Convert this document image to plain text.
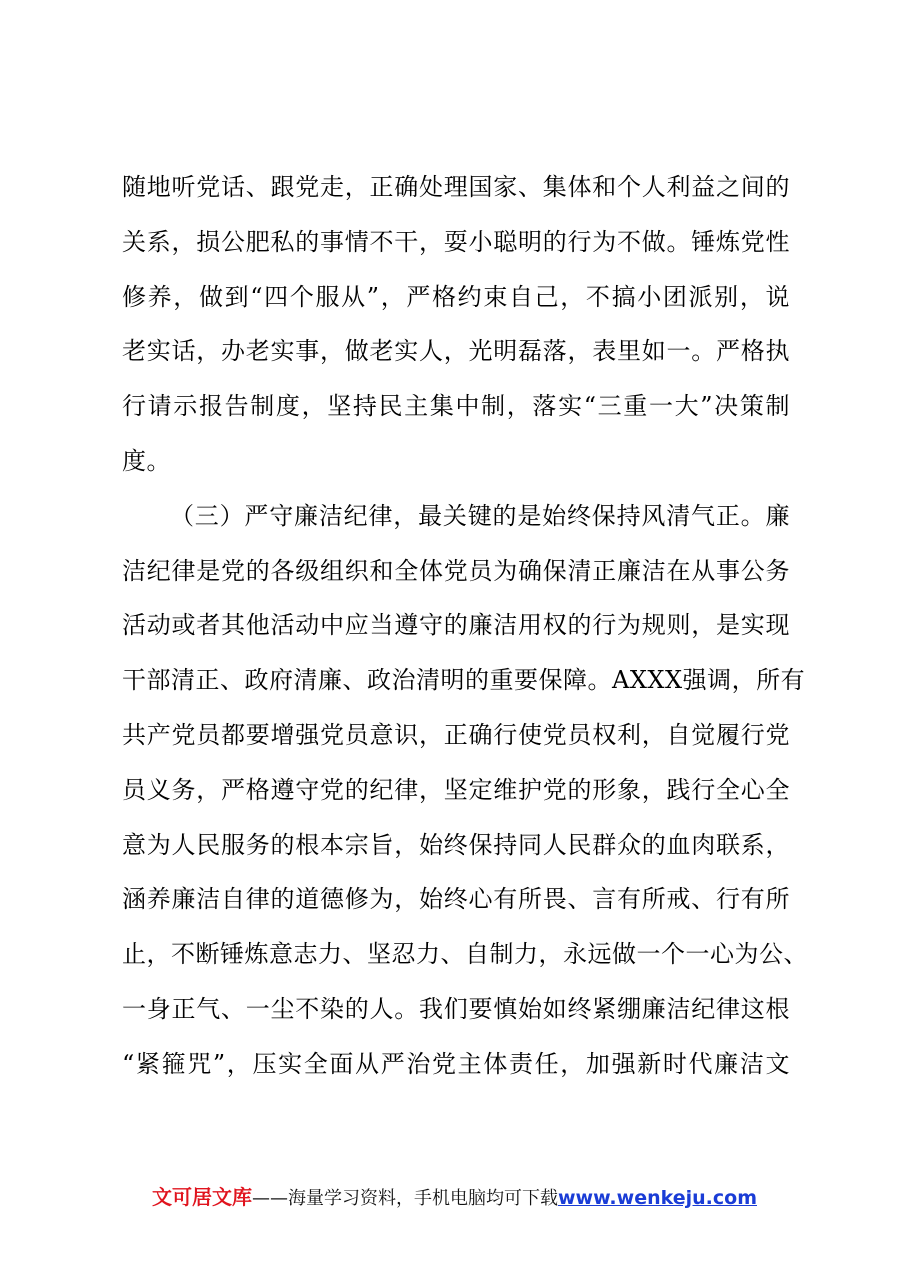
随地听党话、跟党走，正确处理国家、集体和个人利益之间的
关系，损公肥私的事情不干，耍小聪明的行为不做。锤炼党性
修养，做到“四个服从”，严格约束自己，不搞小团派别，说
老实话，办老实事，做老实人，光明磊落，表里如一。严格执
行请示报告制度，坚持民主集中制，落实“三重一大”决策制
度。
（三）严守廉洁纪律，最关键的是始终保持风清气正。廉
洁纪律是党的各级组织和全体党员为确保清正廉洁在从事公务
活动或者其他活动中应当遵守的廉洁用权的行为规则，是实现
干部清正、政府清廉、政治清明的重要保障。AXXX强调，所有
共产党员都要增强党员意识，正确行使党员权利，自觉履行党
员义务，严格遵守党的纪律，坚定维护党的形象，践行全心全
意为人民服务的根本宗旨，始终保持同人民群众的血肉联系，
涵养廉洁自律的道德修为，始终心有所畏、言有所戒、行有所
止，不断锤炼意志力、坚忍力、自制力，永远做一个一心为公、
一身正气、一尘不染的人。我们要慎始如终紧绷廉洁纪律这根
“紧箍咒”，压实全面从严治党主体责任，加强新时代廉洁文
文可居文库——海量学习资料，手机电脑均可下载www.wenkeju.com
